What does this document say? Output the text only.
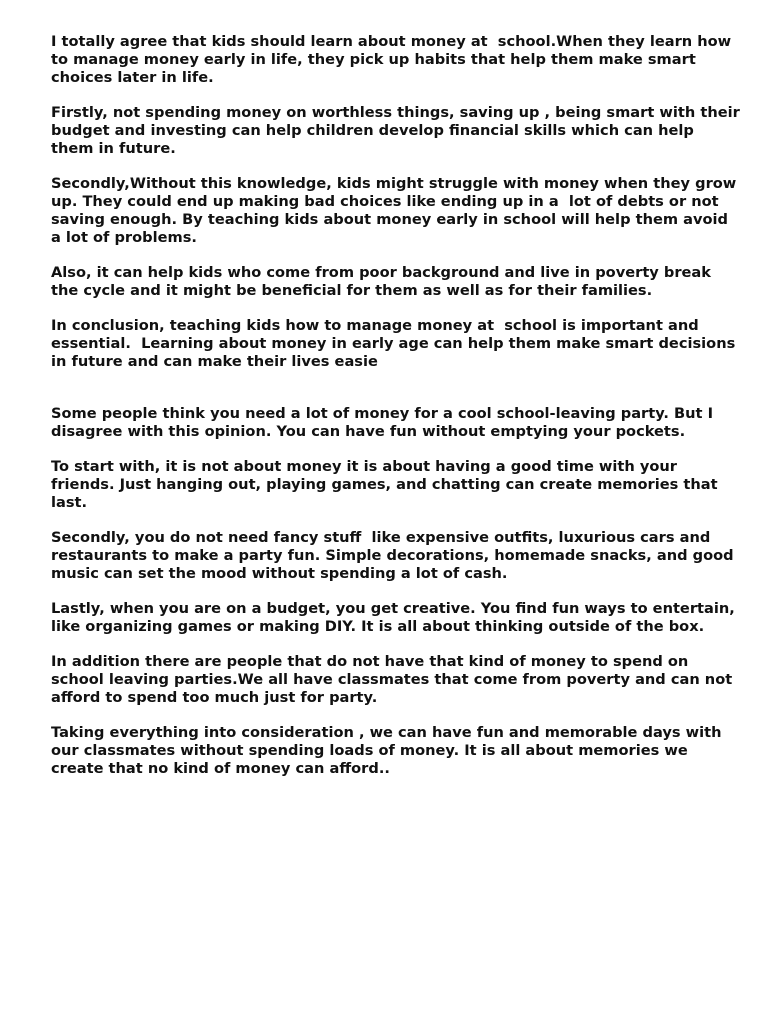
I totally agree that kids should learn about money at  school.When they learn how to manage money early in life, they pick up habits that help them make smart choices later in life.

Firstly, not spending money on worthless things, saving up , being smart with their budget and investing can help children develop financial skills which can help them in future.

Secondly,Without this knowledge, kids might struggle with money when they grow up. They could end up making bad choices like ending up in a  lot of debts or not saving enough. By teaching kids about money early in school will help them avoid a lot of problems.

Also, it can help kids who come from poor background and live in poverty break the cycle and it might be beneficial for them as well as for their families.

In conclusion, teaching kids how to manage money at  school is important and essential.  Learning about money in early age can help them make smart decisions in future and can make their lives easie

Some people think you need a lot of money for a cool school-leaving party. But I disagree with this opinion. You can have fun without emptying your pockets.

To start with, it is not about money it is about having a good time with your friends. Just hanging out, playing games, and chatting can create memories that last.

Secondly, you do not need fancy stuff  like expensive outfits, luxurious cars and restaurants to make a party fun. Simple decorations, homemade snacks, and good music can set the mood without spending a lot of cash.

Lastly, when you are on a budget, you get creative. You find fun ways to entertain, like organizing games or making DIY. It is all about thinking outside of the box.

In addition there are people that do not have that kind of money to spend on school leaving parties.We all have classmates that come from poverty and can not afford to spend too much just for party.

Taking everything into consideration , we can have fun and memorable days with our classmates without spending loads of money. It is all about memories we create that no kind of money can afford..
